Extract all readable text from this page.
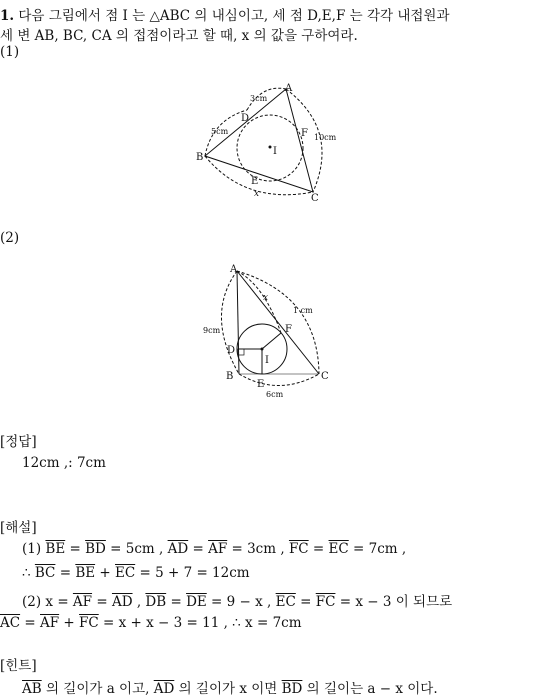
1. 다음 그림에서 점 I 는 △ABC 의 내심이고, 세 점 D,E,F 는 각각 내접원과
세 변 AB, BC, CA 의 접점이라고 할 때, x 의 값을 구하여라.
(1)
A
B
C
D
E
F
I
x
3cm
5cm
10cm
(2)
A
B	C
D
E
F
I
x
9cm
1 cm
6cm
[정답]
12cm ,: 7cm
[해설]
(1) $\overline{BE} = \overline{BD} = 5cm$ , $\overline{AD} = \overline{AF} = 3cm$ , $\overline{FC} = \overline{EC} = 7cm$ ,
∴ $\overline{BC} = \overline{BE} + \overline{EC} = 5 + 7 = 12cm$
(2) $x = \overline{AF} = \overline{AD}$ , $\overline{DB} = \overline{DE} = 9 - x$ , $\overline{EC} = \overline{FC} = x - 3$ 이 되므로
$\overline{AC} = \overline{AF} + \overline{FC} = x + x - 3 = 11$ , ∴ x = 7cm
[힌트]
$\overline{AB}$ 의 길이가 a 이고, $\overline{AD}$ 의 길이가 x 이면 $\overline{BD}$ 의 길이는 a − x 이다.
